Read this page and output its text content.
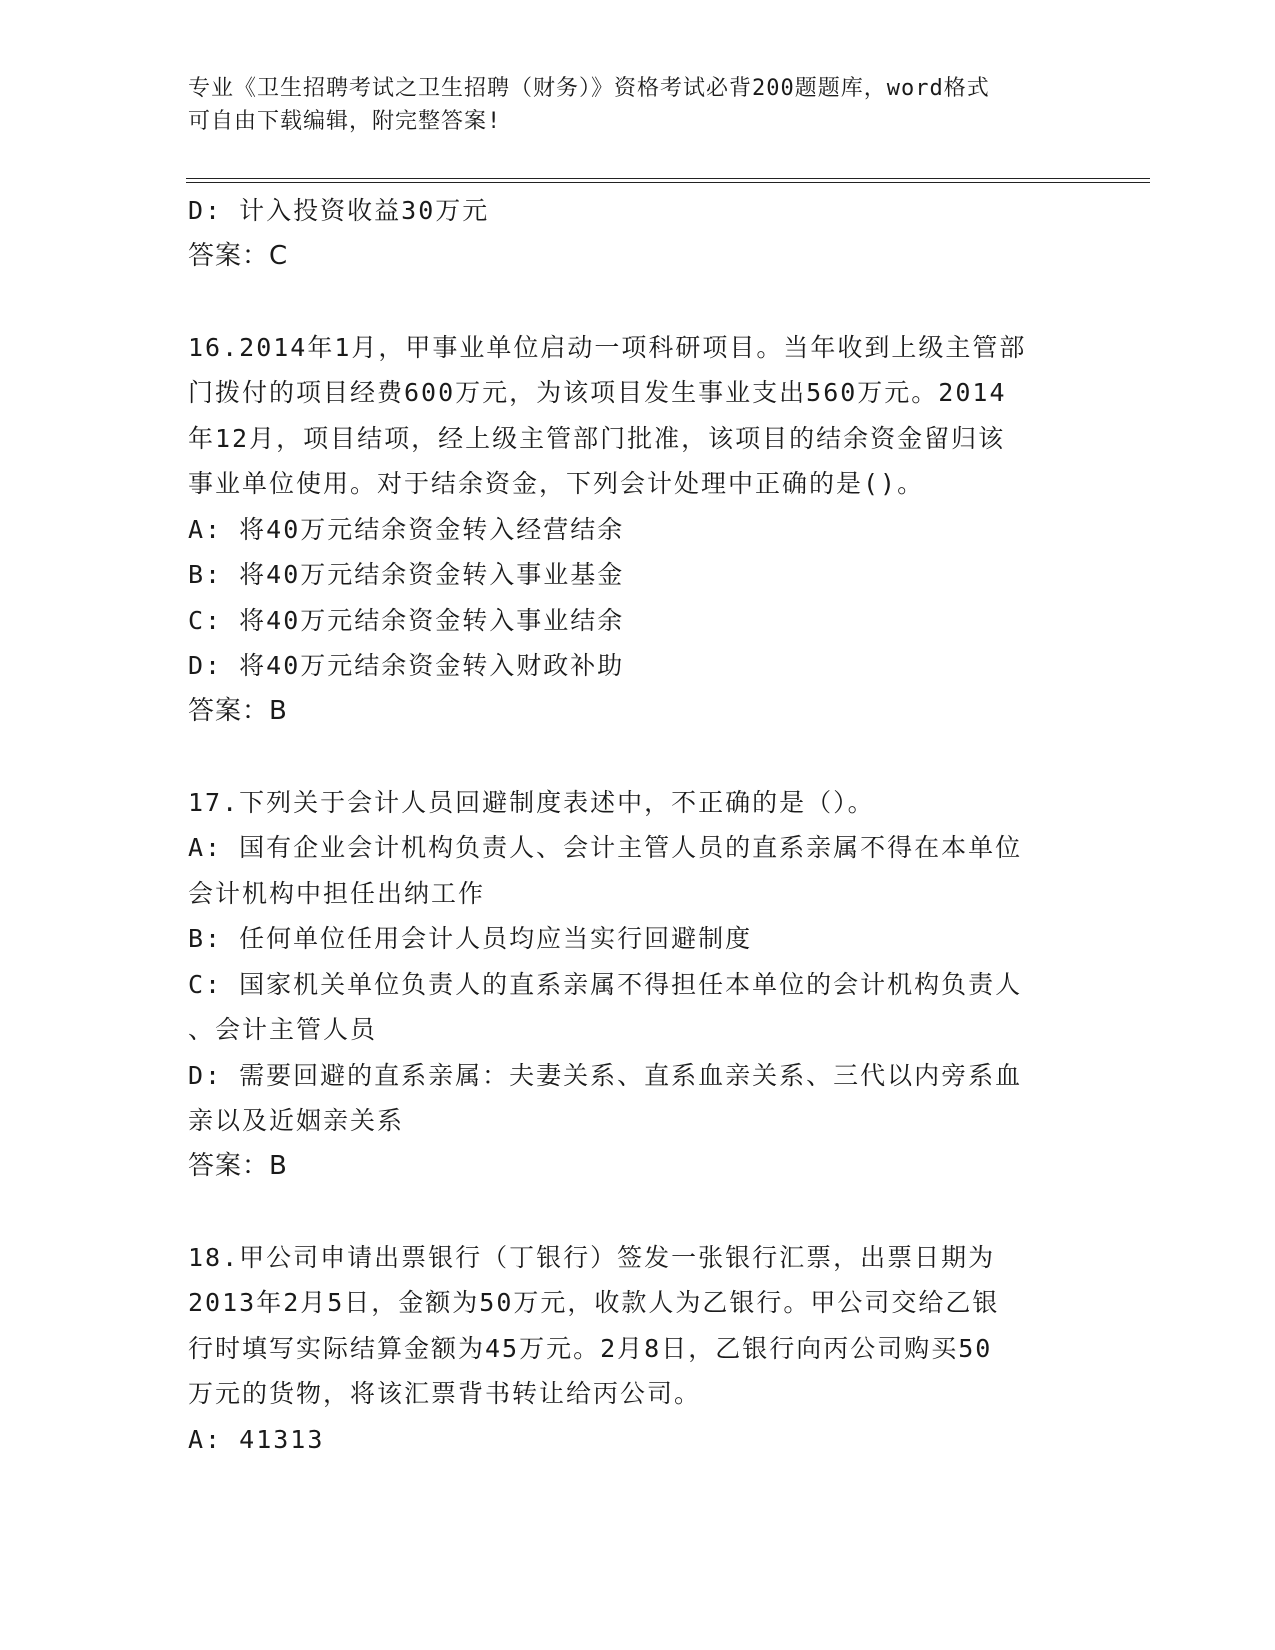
专业《卫生招聘考试之卫生招聘（财务）》资格考试必背200题题库，word格式
可自由下载编辑，附完整答案!
D: 计入投资收益30万元
答案：C
16.2014年1月，甲事业单位启动一项科研项目。当年收到上级主管部
门拨付的项目经费600万元，为该项目发生事业支出560万元。2014
年12月，项目结项，经上级主管部门批准，该项目的结余资金留归该
事业单位使用。对于结余资金，下列会计处理中正确的是()。
A: 将40万元结余资金转入经营结余
B: 将40万元结余资金转入事业基金
C: 将40万元结余资金转入事业结余
D: 将40万元结余资金转入财政补助
答案：B
17.下列关于会计人员回避制度表述中，不正确的是（）。
A: 国有企业会计机构负责人、会计主管人员的直系亲属不得在本单位
会计机构中担任出纳工作
B: 任何单位任用会计人员均应当实行回避制度
C: 国家机关单位负责人的直系亲属不得担任本单位的会计机构负责人
、会计主管人员
D: 需要回避的直系亲属：夫妻关系、直系血亲关系、三代以内旁系血
亲以及近姻亲关系
答案：B
18.甲公司申请出票银行（丁银行）签发一张银行汇票，出票日期为
2013年2月5日，金额为50万元，收款人为乙银行。甲公司交给乙银
行时填写实际结算金额为45万元。2月8日，乙银行向丙公司购买50
万元的货物，将该汇票背书转让给丙公司。
A: 41313
